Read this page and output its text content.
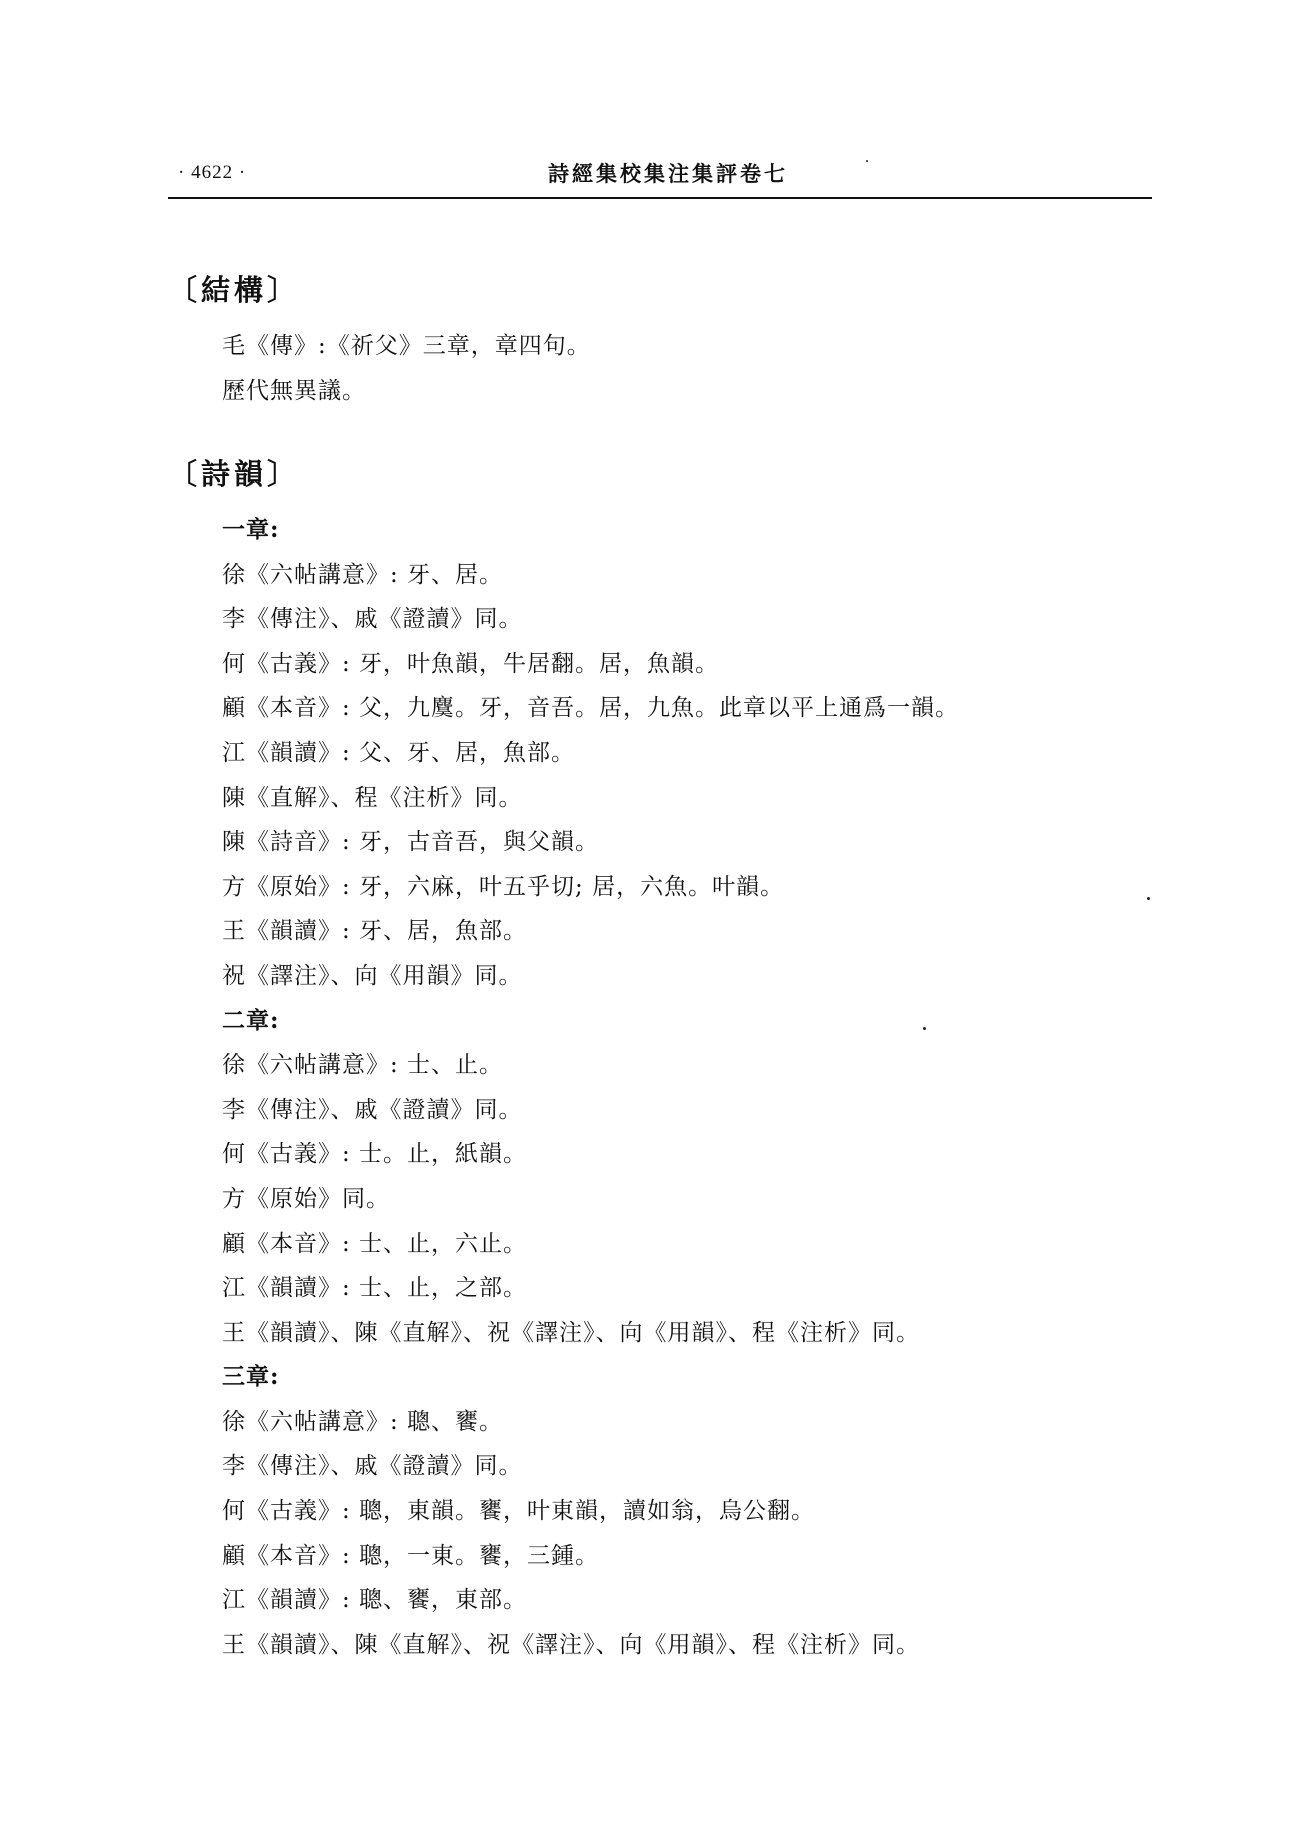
· 4622 ·	詩經集校集注集評卷七
〔結構〕
毛《傳》:《祈父》三章，章四句。
歷代無異議。
〔詩韻〕
一章:
徐《六帖講意》: 牙、居。
李《傳注》、戚《證讀》同。
何《古義》: 牙，叶魚韻，牛居翻。居，魚韻。
顧《本音》: 父，九麌。牙，音吾。居，九魚。此章以平上通爲一韻。
江《韻讀》: 父、牙、居，魚部。
陳《直解》、程《注析》同。
陳《詩音》: 牙，古音吾，與父韻。
方《原始》: 牙，六麻，叶五乎切; 居，六魚。叶韻。
王《韻讀》: 牙、居，魚部。
祝《譯注》、向《用韻》同。
二章:
徐《六帖講意》: 士、止。
李《傳注》、戚《證讀》同。
何《古義》: 士。止，紙韻。
方《原始》同。
顧《本音》: 士、止，六止。
江《韻讀》: 士、止，之部。
王《韻讀》、陳《直解》、祝《譯注》、向《用韻》、程《注析》同。
三章:
徐《六帖講意》: 聰、饔。
李《傳注》、戚《證讀》同。
何《古義》: 聰，東韻。饔，叶東韻，讀如翁，烏公翻。
顧《本音》: 聰，一東。饔，三鍾。
江《韻讀》: 聰、饔，東部。
王《韻讀》、陳《直解》、祝《譯注》、向《用韻》、程《注析》同。
